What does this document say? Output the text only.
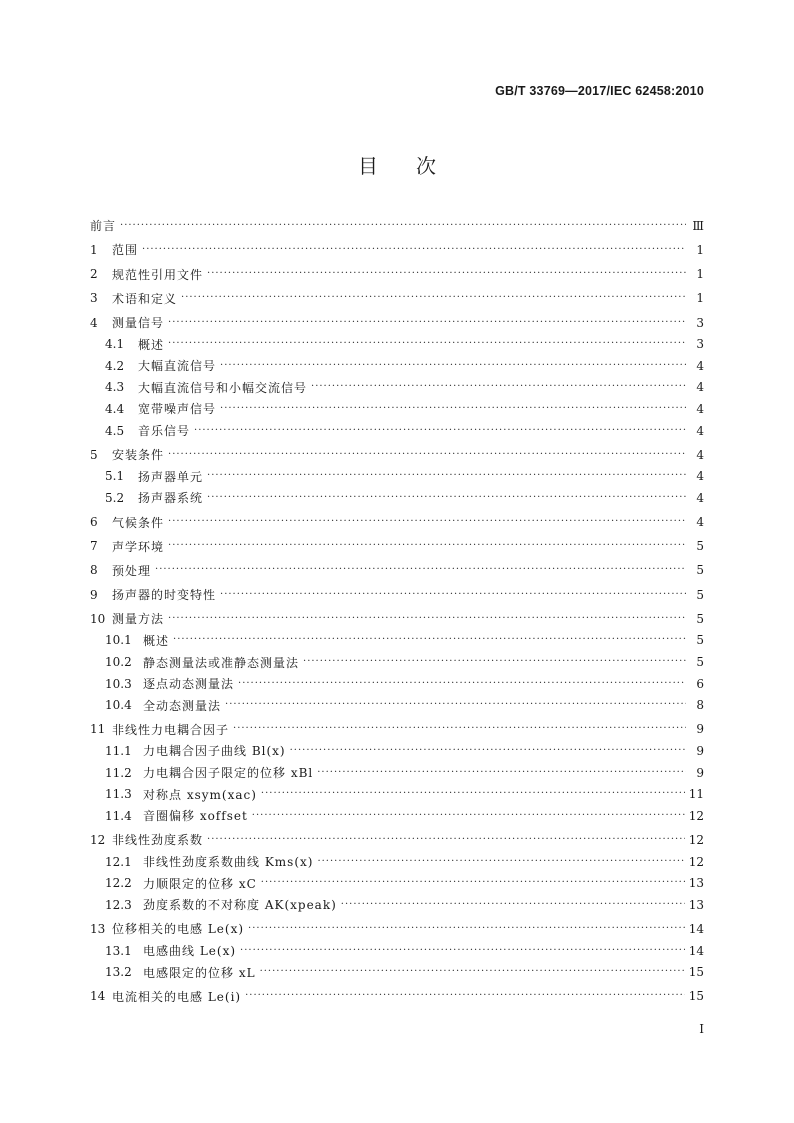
GB/T 33769—2017/IEC 62458:2010
目次
前言 ·····	Ⅲ
1	范围 ·····	1
2	规范性引用文件 ·····	1
3	术语和定义 ·····	1
4	测量信号 ·····	3
4.1	概述 ·····	3
4.2	大幅直流信号 ·····	4
4.3	大幅直流信号和小幅交流信号 ·····	4
4.4	宽带噪声信号 ·····	4
4.5	音乐信号 ·····	4
5	安装条件 ·····	4
5.1	扬声器单元 ·····	4
5.2	扬声器系统 ·····	4
6	气候条件 ·····	4
7	声学环境 ·····	5
8	预处理 ·····	5
9	扬声器的时变特性 ·····	5
10 测量方法 ·····	5
10.1 概述 ·····	5
10.2 静态测量法或准静态测量法 ·····	5
10.3 逐点动态测量法 ·····	6
10.4 全动态测量法 ·····	8
11 非线性力电耦合因子 ·····	9
11.1 力电耦合因子曲线 Bl(x) ·····	9
11.2 力电耦合因子限定的位移 xBl ·····	9
11.3 对称点 xsym(xac) ·····	11
11.4 音圈偏移 xoffset ·····	12
12 非线性劲度系数 ·····	12
12.1 非线性劲度系数曲线 Kms(x) ·····	12
12.2 力顺限定的位移 xC ·····	13
12.3 劲度系数的不对称度 AK(xpeak) ·····	13
13 位移相关的电感 Le(x) ·····	14
13.1 电感曲线 Le(x) ·····	14
13.2 电感限定的位移 xL ·····	15
14 电流相关的电感 Le(i) ·····	15
Ⅰ
